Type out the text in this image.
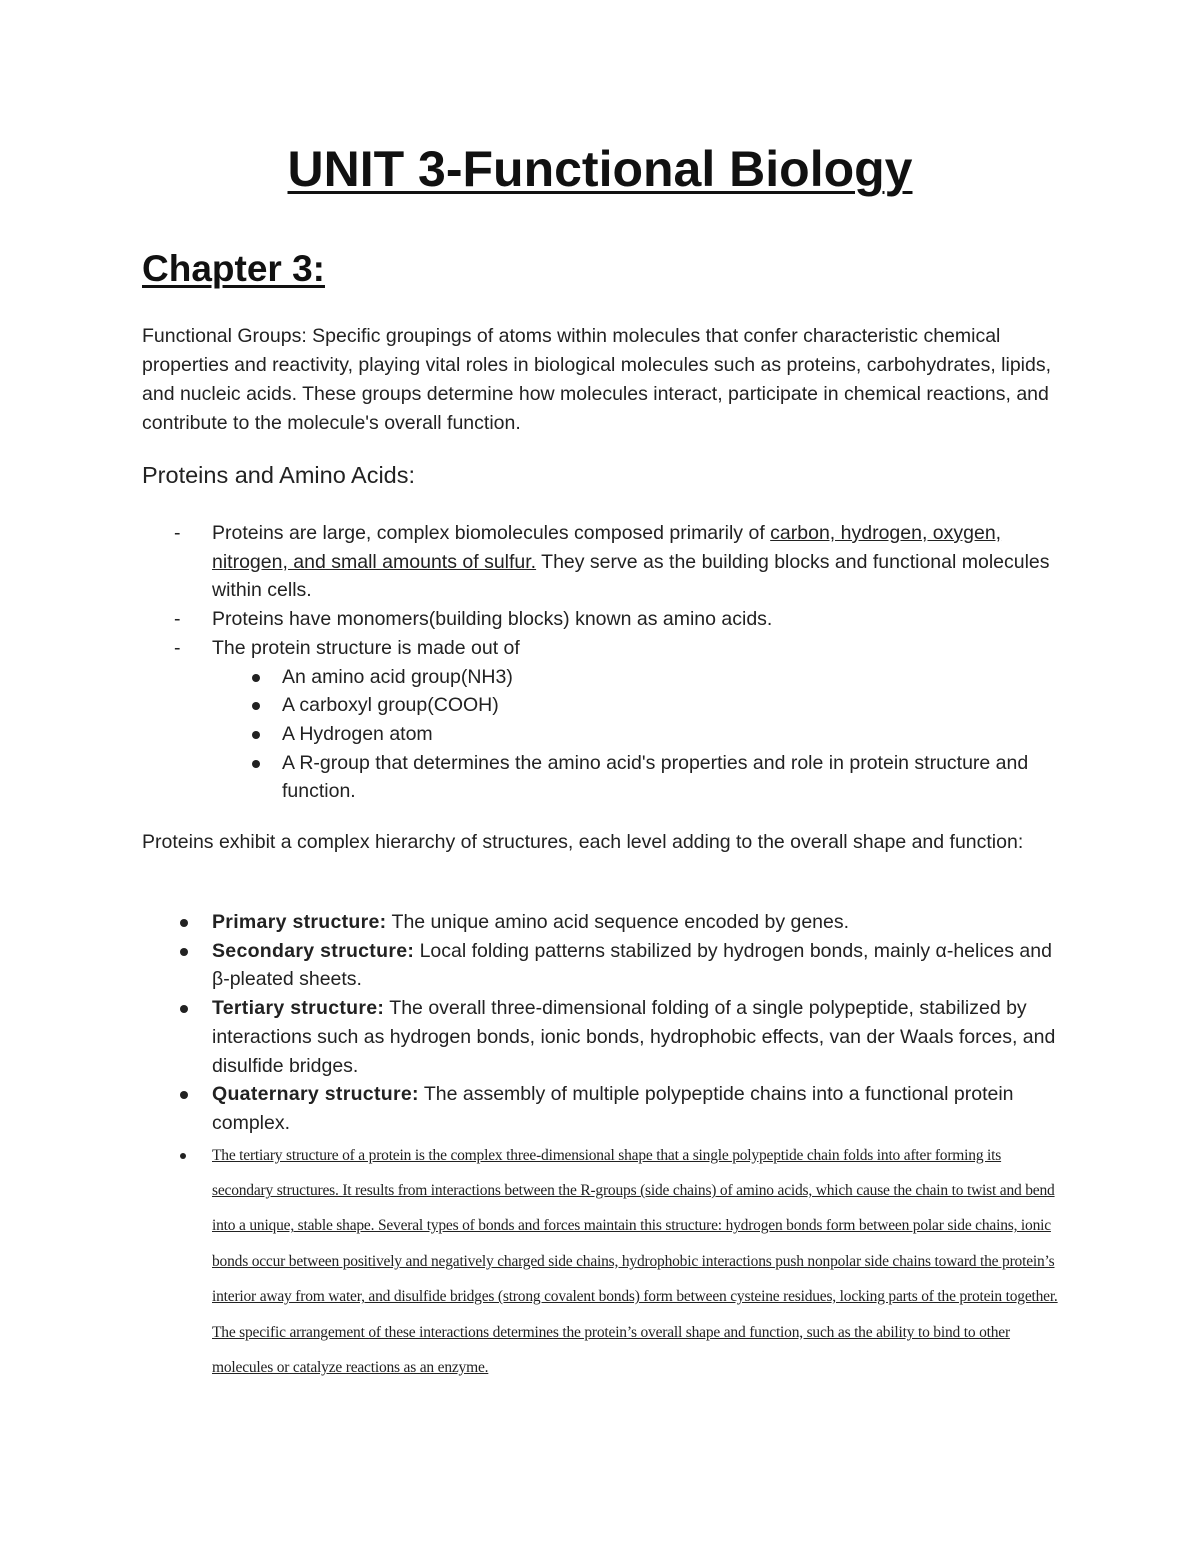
UNIT 3-Functional Biology
Chapter 3:

Functional Groups: Specific groupings of atoms within molecules that confer characteristic chemical properties and reactivity, playing vital roles in biological molecules such as proteins, carbohydrates, lipids, and nucleic acids. These groups determine how molecules interact, participate in chemical reactions, and contribute to the molecule's overall function.

Proteins and Amino Acids:
- Proteins are large, complex biomolecules composed primarily of carbon, hydrogen, oxygen, nitrogen, and small amounts of sulfur. They serve as the building blocks and functional molecules within cells.
- Proteins have monomers(building blocks) known as amino acids.
- The protein structure is made out of
An amino acid group(NH3)
A carboxyl group(COOH)
A Hydrogen atom
A R-group that determines the amino acid's properties and role in protein structure and function.

Proteins exhibit a complex hierarchy of structures, each level adding to the overall shape and function:

Primary structure: The unique amino acid sequence encoded by genes.
Secondary structure: Local folding patterns stabilized by hydrogen bonds, mainly α-helices and β-pleated sheets.
Tertiary structure: The overall three-dimensional folding of a single polypeptide, stabilized by interactions such as hydrogen bonds, ionic bonds, hydrophobic effects, van der Waals forces, and disulfide bridges.
Quaternary structure: The assembly of multiple polypeptide chains into a functional protein complex.
The tertiary structure of a protein is the complex three-dimensional shape that a single polypeptide chain folds into after forming its secondary structures. It results from interactions between the R-groups (side chains) of amino acids, which cause the chain to twist and bend into a unique, stable shape. Several types of bonds and forces maintain this structure: hydrogen bonds form between polar side chains, ionic bonds occur between positively and negatively charged side chains, hydrophobic interactions push nonpolar side chains toward the protein’s interior away from water, and disulfide bridges (strong covalent bonds) form between cysteine residues, locking parts of the protein together. The specific arrangement of these interactions determines the protein’s overall shape and function, such as the ability to bind to other molecules or catalyze reactions as an enzyme.
